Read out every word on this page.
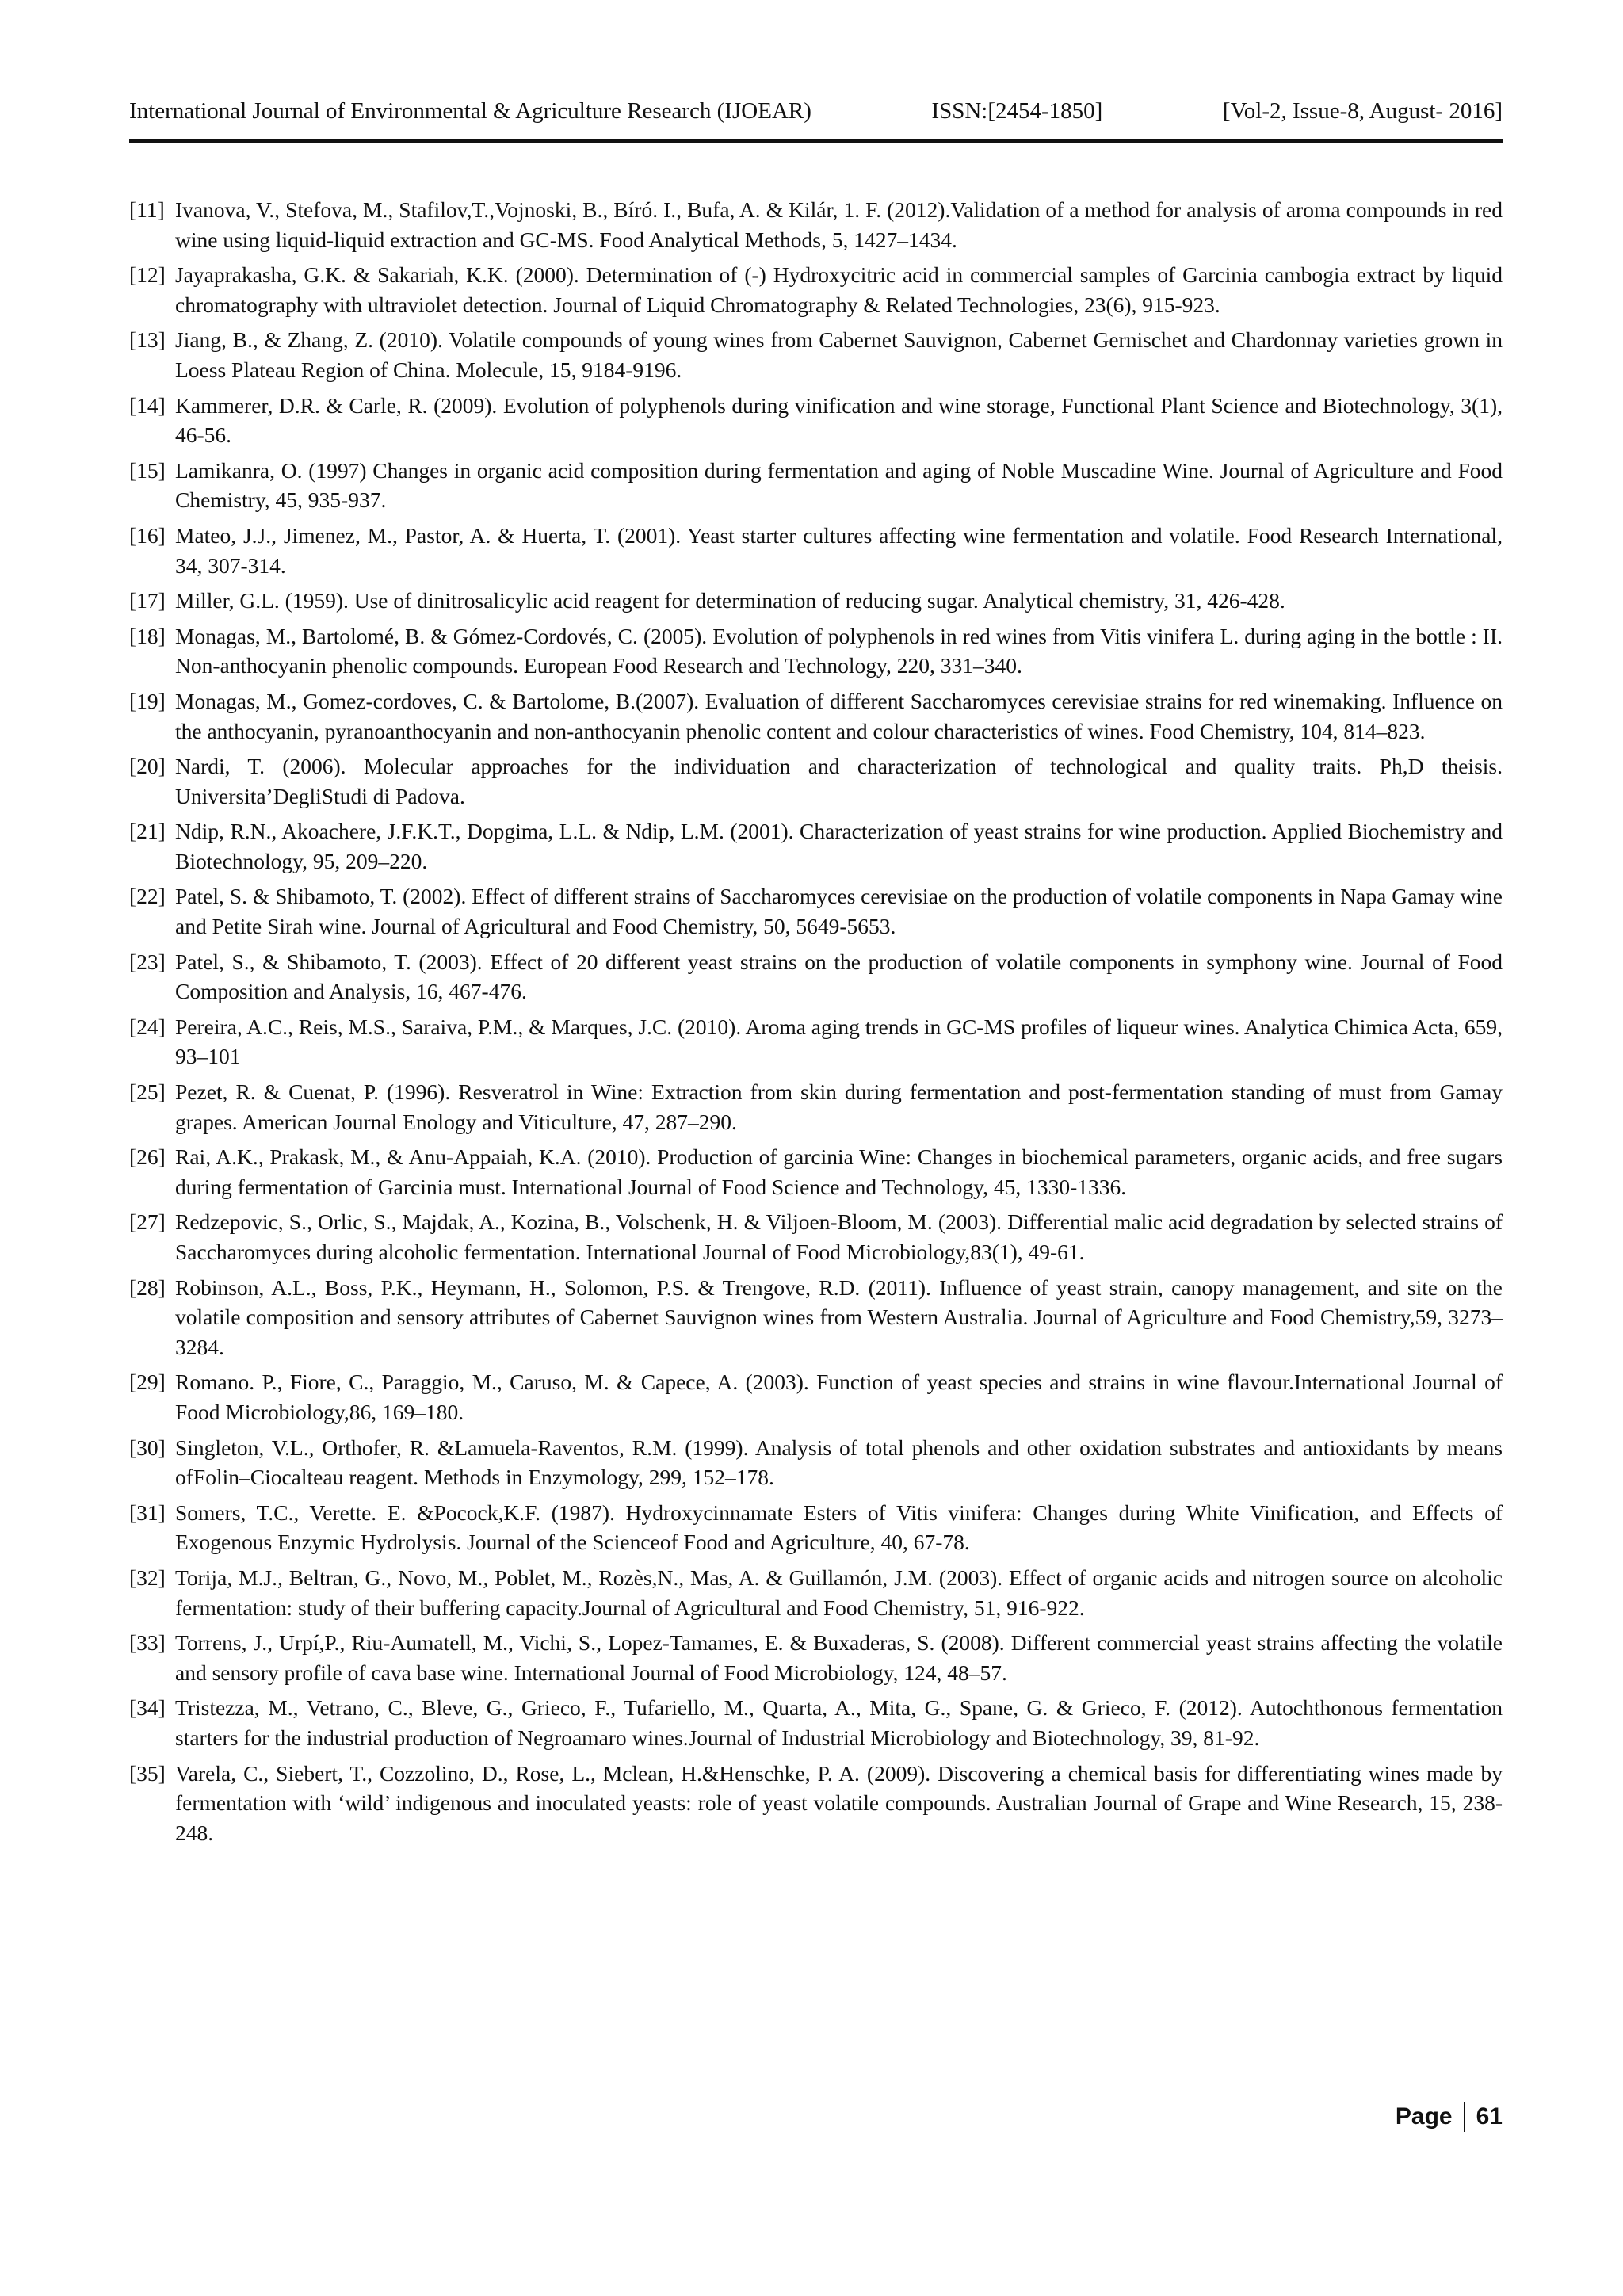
International Journal of Environmental & Agriculture Research (IJOEAR)	ISSN:[2454-1850]	[Vol-2, Issue-8, August- 2016]
[11] Ivanova, V., Stefova, M., Stafilov,T.,Vojnoski, B., Bíró. I., Bufa, A. & Kilár, 1. F. (2012).Validation of a method for analysis of aroma compounds in red wine using liquid-liquid extraction and GC-MS. Food Analytical Methods, 5, 1427–1434.
[12] Jayaprakasha, G.K. & Sakariah, K.K. (2000). Determination of (-) Hydroxycitric acid in commercial samples of Garcinia cambogia extract by liquid chromatography with ultraviolet detection. Journal of Liquid Chromatography & Related Technologies, 23(6), 915-923.
[13] Jiang, B., & Zhang, Z. (2010). Volatile compounds of young wines from Cabernet Sauvignon, Cabernet Gernischet and Chardonnay varieties grown in Loess Plateau Region of China. Molecule, 15, 9184-9196.
[14] Kammerer, D.R. & Carle, R. (2009). Evolution of polyphenols during vinification and wine storage, Functional Plant Science and Biotechnology, 3(1), 46-56.
[15] Lamikanra, O. (1997) Changes in organic acid composition during fermentation and aging of Noble Muscadine Wine. Journal of Agriculture and Food Chemistry, 45, 935-937.
[16] Mateo, J.J., Jimenez, M., Pastor, A. & Huerta, T. (2001). Yeast starter cultures affecting wine fermentation and volatile. Food Research International, 34, 307-314.
[17] Miller, G.L. (1959). Use of dinitrosalicylic acid reagent for determination of reducing sugar. Analytical chemistry, 31, 426-428.
[18] Monagas, M., Bartolomé, B. & Gómez-Cordovés, C. (2005). Evolution of polyphenols in red wines from Vitis vinifera L. during aging in the bottle : II. Non-anthocyanin phenolic compounds. European Food Research and Technology, 220, 331–340.
[19] Monagas, M., Gomez-cordoves, C. & Bartolome, B.(2007). Evaluation of different Saccharomyces cerevisiae strains for red winemaking. Influence on the anthocyanin, pyranoanthocyanin and non-anthocyanin phenolic content and colour characteristics of wines. Food Chemistry, 104, 814–823.
[20] Nardi, T. (2006). Molecular approaches for the individuation and characterization of technological and quality traits. Ph,D theisis. Universita’DegliStudi di Padova.
[21] Ndip, R.N., Akoachere, J.F.K.T., Dopgima, L.L. & Ndip, L.M. (2001). Characterization of yeast strains for wine production. Applied Biochemistry and Biotechnology, 95, 209–220.
[22] Patel, S. & Shibamoto, T. (2002). Effect of different strains of Saccharomyces cerevisiae on the production of volatile components in Napa Gamay wine and Petite Sirah wine. Journal of Agricultural and Food Chemistry, 50, 5649-5653.
[23] Patel, S., & Shibamoto, T. (2003). Effect of 20 different yeast strains on the production of volatile components in symphony wine. Journal of Food Composition and Analysis, 16, 467-476.
[24] Pereira, A.C., Reis, M.S., Saraiva, P.M., & Marques, J.C. (2010). Aroma aging trends in GC-MS profiles of liqueur wines. Analytica Chimica Acta, 659, 93–101
[25] Pezet, R. & Cuenat, P. (1996). Resveratrol in Wine: Extraction from skin during fermentation and post-fermentation standing of must from Gamay grapes. American Journal Enology and Viticulture, 47, 287–290.
[26] Rai, A.K., Prakask, M., & Anu-Appaiah, K.A. (2010). Production of garcinia Wine: Changes in biochemical parameters, organic acids, and free sugars during fermentation of Garcinia must. International Journal of Food Science and Technology, 45, 1330-1336.
[27] Redzepovic, S., Orlic, S., Majdak, A., Kozina, B., Volschenk, H. & Viljoen-Bloom, M. (2003). Differential malic acid degradation by selected strains of Saccharomyces during alcoholic fermentation. International Journal of Food Microbiology,83(1), 49-61.
[28] Robinson, A.L., Boss, P.K., Heymann, H., Solomon, P.S. & Trengove, R.D. (2011). Influence of yeast strain, canopy management, and site on the volatile composition and sensory attributes of Cabernet Sauvignon wines from Western Australia. Journal of Agriculture and Food Chemistry,59, 3273–3284.
[29] Romano. P., Fiore, C., Paraggio, M., Caruso, M. & Capece, A. (2003). Function of yeast species and strains in wine flavour.International Journal of Food Microbiology,86, 169–180.
[30] Singleton, V.L., Orthofer, R. &Lamuela-Raventos, R.M. (1999). Analysis of total phenols and other oxidation substrates and antioxidants by means ofFolin–Ciocalteau reagent. Methods in Enzymology, 299, 152–178.
[31] Somers, T.C., Verette. E. &Pocock,K.F. (1987). Hydroxycinnamate Esters of Vitis vinifera: Changes during White Vinification, and Effects of Exogenous Enzymic Hydrolysis. Journal of the Scienceof Food and Agriculture, 40, 67-78.
[32] Torija, M.J., Beltran, G., Novo, M., Poblet, M., Rozès,N., Mas, A. & Guillamón, J.M. (2003). Effect of organic acids and nitrogen source on alcoholic fermentation: study of their buffering capacity.Journal of Agricultural and Food Chemistry, 51, 916-922.
[33] Torrens, J., Urpí,P., Riu-Aumatell, M., Vichi, S., Lopez-Tamames, E. & Buxaderas, S. (2008). Different commercial yeast strains affecting the volatile and sensory profile of cava base wine. International Journal of Food Microbiology, 124, 48–57.
[34] Tristezza, M., Vetrano, C., Bleve, G., Grieco, F., Tufariello, M., Quarta, A., Mita, G., Spane, G. & Grieco, F. (2012). Autochthonous fermentation starters for the industrial production of Negroamaro wines.Journal of Industrial Microbiology and Biotechnology, 39, 81-92.
[35] Varela, C., Siebert, T., Cozzolino, D., Rose, L., Mclean, H.&Henschke, P. A. (2009). Discovering a chemical basis for differentiating wines made by fermentation with ‘wild’ indigenous and inoculated yeasts: role of yeast volatile compounds. Australian Journal of Grape and Wine Research, 15, 238-248.
Page 61
